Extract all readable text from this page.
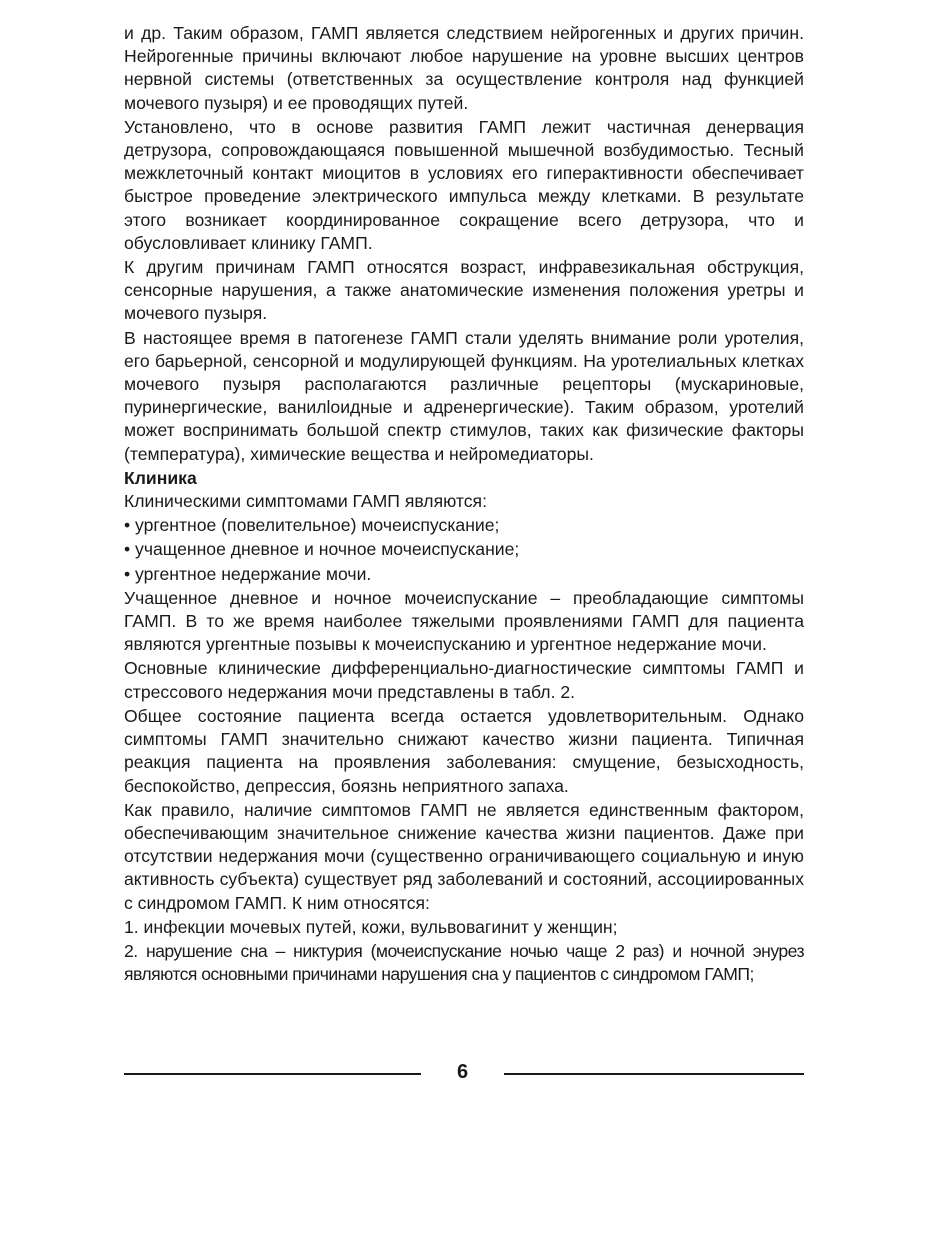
и др. Таким образом, ГАМП является следствием нейрогенных и других причин. Нейрогенные причины включают любое нарушение на уровне высших центров нервной системы (ответственных за осуществление контроля над функцией мочевого пузыря) и ее проводящих путей.

Установлено, что в основе развития ГАМП лежит частичная денервация детрузора, сопровождающаяся повышенной мышечной возбудимостью. Тесный межклеточный контакт миоцитов в условиях его гиперактивности обеспечивает быстрое проведение электрического импульса между клетками. В результате этого возникает координированное сокращение всего детрузора, что и обусловливает клинику ГАМП.

К другим причинам ГАМП относятся возраст, инфравезикальная обструкция, сенсорные нарушения, а также анатомические изменения положения уретры и мочевого пузыря.

В настоящее время в патогенезе ГАМП стали уделять внимание роли уротелия, его барьерной, сенсорной и модулирующей функциям. На уротелиальных клетках мочевого пузыря располагаются различные рецепторы (мускариновые, пуринергические, ванилloидные и адренергические). Таким образом, уротелий может воспринимать большой спектр стимулов, таких как физические факторы (температура), химические вещества и нейромедиаторы.

Клиника

Клиническими симптомами ГАМП являются:

• ургентное (повелительное) мочеиспускание;

• учащенное дневное и ночное мочеиспускание;

• ургентное недержание мочи.

Учащенное дневное и ночное мочеиспускание – преобладающие симптомы ГАМП. В то же время наиболее тяжелыми проявлениями ГАМП для пациента являются ургентные позывы к мочеиспусканию и ургентное недержание мочи.

Основные клинические дифференциально-диагностические симптомы ГАМП и стрессового недержания мочи представлены в табл. 2.

Общее состояние пациента всегда остается удовлетворительным. Однако симптомы ГАМП значительно снижают качество жизни пациента. Типичная реакция пациента на проявления заболевания: смущение, безысходность, беспокойство, депрессия, боязнь неприятного запаха.

Как правило, наличие симптомов ГАМП не является единственным фактором, обеспечивающим значительное снижение качества жизни пациентов. Даже при отсутствии недержания мочи (существенно ограничивающего социальную и иную активность субъекта) существует ряд заболеваний и состояний, ассоциированных с синдромом ГАМП. К ним относятся:

1. инфекции мочевых путей, кожи, вульвовагинит у женщин;

2. нарушение сна – никтурия (мочеиспускание ночью чаще 2 раз) и ночной энурез являются основными причинами нарушения сна у пациентов с синдромом ГАМП;

6
